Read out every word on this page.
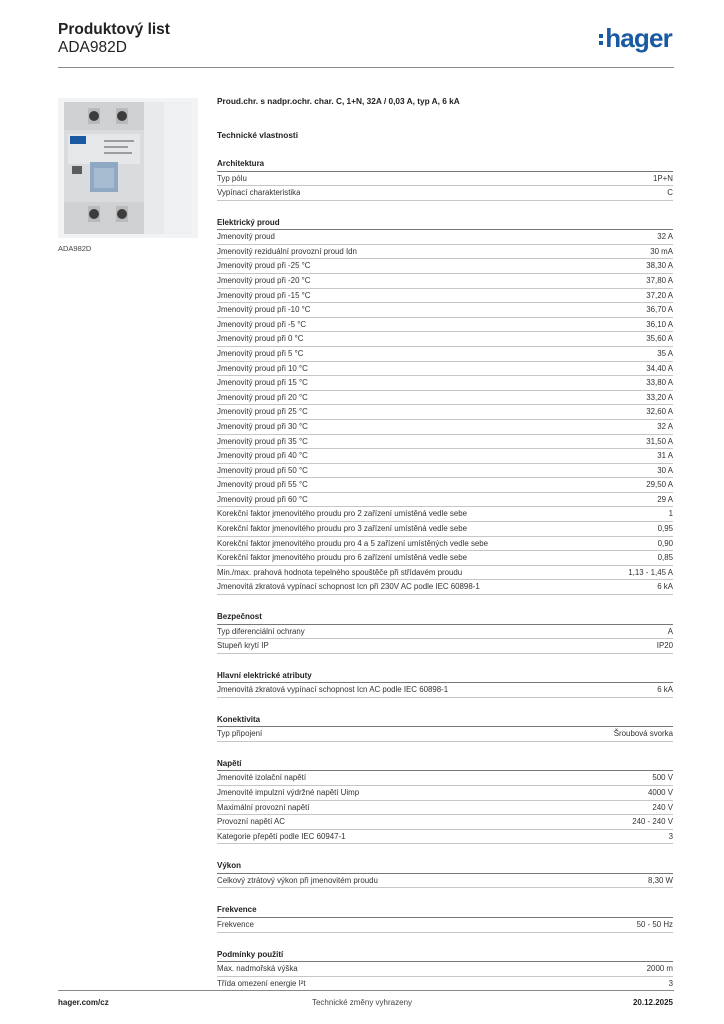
Produktový list
ADA982D	hager
ADA982D
Proud.chr. s nadpr.ochr. char. C, 1+N, 32A / 0,03 A, typ A, 6 kA
Technické vlastnosti
Architektura
Typ pólu	1P+N
Vypínací charakteristika	C
Elektrický proud
Jmenovitý proud	32 A
Jmenovitý reziduální provozní proud Idn	30 mA
Jmenovitý proud při -25 °C	38,30 A
Jmenovitý proud při -20 °C	37,80 A
Jmenovitý proud při -15 °C	37,20 A
Jmenovitý proud při -10 °C	36,70 A
Jmenovitý proud při -5 °C	36,10 A
Jmenovitý proud při 0 °C	35,60 A
Jmenovitý proud při 5 °C	35 A
Jmenovitý proud při 10 °C	34,40 A
Jmenovitý proud při 15 °C	33,80 A
Jmenovitý proud při 20 °C	33,20 A
Jmenovitý proud při 25 °C	32,60 A
Jmenovitý proud při 30 °C	32 A
Jmenovitý proud při 35 °C	31,50 A
Jmenovitý proud při 40 °C	31 A
Jmenovitý proud při 50 °C	30 A
Jmenovitý proud při 55 °C	29,50 A
Jmenovitý proud při 60 °C	29 A
Korekční faktor jmenovitého proudu pro 2 zařízení umístěná vedle sebe	1
Korekční faktor jmenovitého proudu pro 3 zařízení umístěná vedle sebe	0,95
Korekční faktor jmenovitého proudu pro 4 a 5 zařízení umístěných vedle sebe	0,90
Korekční faktor jmenovitého proudu pro 6 zařízení umístěná vedle sebe	0,85
Min./max. prahová hodnota tepelného spouštěče při střídavém proudu	1,13 - 1,45 A
Jmenovitá zkratová vypínací schopnost Icn při 230V AC podle IEC 60898-1	6 kA
Bezpečnost
Typ diferenciální ochrany	A
Stupeň krytí IP	IP20
Hlavní elektrické atributy
Jmenovitá zkratová vypínací schopnost Icn AC podle IEC 60898-1	6 kA
Konektivita
Typ připojení	Šroubová svorka
Napětí
Jmenovité izolační napětí	500 V
Jmenovité impulzní výdržné napětí Uimp	4000 V
Maximální provozní napětí	240 V
Provozní napětí AC	240 - 240 V
Kategorie přepětí podle IEC 60947-1	3
Výkon
Celkový ztrátový výkon při jmenovitém proudu	8,30 W
Frekvence
Frekvence	50 - 50 Hz
Podmínky použití
Max. nadmořská výška	2000 m
Třída omezení energie I²t	3
hager.com/cz	Technické změny vyhrazeny	20.12.2025
